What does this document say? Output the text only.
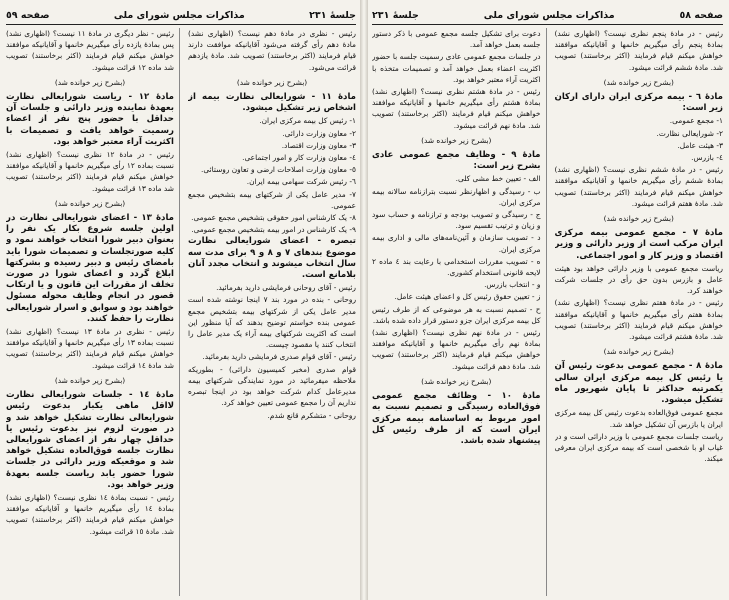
جلسهٔ ٢٣١
مذاکرات مجلس شورای ملی
صفحه ٥٩

رئیس - نظری در مادهٔ دهم نیست؟ (اظهاری نشد) مادهٔ دهم رأی گرفته می‌شود آقایانیکه موافقت دارند قیام فرمایند (اکثر برخاستند) تصویب شد. مادهٔ یازدهم قرائت می‌شود.

(بشرح زیر خوانده شد)

مادهٔ ١١ - شورایعالی نظارت بیمه از اشخاص زیر تشکیل میشود.

١- رئیس کل بیمه مرکزی ایران.

٢- معاون وزارت دارائی.

٣- معاون وزارت اقتصاد.

٤- معاون وزارت کار و امور اجتماعی.

٥- معاون وزارت اصلاحات ارضی و تعاون روستائی.

٦- رئیس شرکت سهامی بیمه ایران.

٧- مدیر عامل یکی از شرکتهای بیمه بتشخیص مجمع عمومی.

٨- یک کارشناس امور حقوقی بتشخیص مجمع عمومی.

٩- یک کارشناس در امور بیمه بتشخیص مجمع عمومی.

تبصره - اعضای شورایعالی نظارت موضوع بندهای ٧ و ٨ و ٩ برای مدت سه سال انتخاب میشوند و انتخاب مجدد آنان بلامانع است.

رئیس - آقای روحانی فرمایشی دارید بفرمائید.

روحانی - بنده در مورد بند ٧ اینجا نوشته شده است مدیر عامل یکی از شرکتهای بیمه بتشخیص مجمع عمومی بنده خواستم توضیح بدهند که آیا منظور این است که اکثریت شرکتهای بیمه آراء یک مدیر عامل را انتخاب کنند یا مقصود چیست.

رئیس - آقای قوام صدری فرمایشی دارید بفرمائید.

قوام صدری (مخبر کمیسیون دارائی) - بطوریکه ملاحظه میفرمائید در مورد نمایندگی شرکتهای بیمه مدیرعامل کدام شرکت خواهد بود در اینجا تبصره نداریم آن را مجمع عمومی تعیین خواهد کرد.

روحانی - متشکرم قانع شدم.

رئیس - نظر دیگری در مادهٔ ١١ نیست؟ (اظهاری نشد) پس بمادهٔ یازده رأی میگیریم خانمها و آقایانیکه موافقند خواهش میکنم قیام فرمایند (اکثر برخاستند) تصویب شد ماده ١٢ قرائت میشود.

(بشرح زیر خوانده شد)

مادهٔ ١٢ - ریاست شورایعالی نظارت بعهدهٔ نماینده وزیر دارائی و جلسات آن حداقل با حضور پنج نفر از اعضاء رسمیت خواهد یافت و تصمیمات با اکثریت آراء معتبر خواهد بود.

رئیس - در مادهٔ ١٢ نظری نیست؟ (اظهاری نشد) نسبت بماده ١٢ رأی میگیریم خانمها و آقایانیکه موافقند خواهش میکنم قیام فرمایند (اکثر برخاستند) تصویب شد ماده ١٣ قرائت میشود.

(بشرح زیر خوانده شد)

مادهٔ ١٣ - اعضای شورایعالی نظارت در اولین جلسه شروع بکار یک نفر را بعنوان دبیر شورا انتخاب خواهند نمود و کلیه صورتجلسات و تصمیمات شورا باید بامضای رئیس و دبیر رسیده و بشرکتها ابلاغ گردد و اعضای شورا در صورت تخلف از مقررات این قانون و یا ارتکاب قصور در انجام وظایف محوله مسئول خواهند بود و سوابق و اسرار شورایعالی نظارت را حفظ کنند.

رئیس - نظری در مادهٔ ١٣ نیست؟ (اظهاری نشد) نسبت بماده ١٣ رأی میگیریم خانمها و آقایانیکه موافقند خواهش میکنم قیام فرمایند (اکثر برخاستند) تصویب شد مادهٔ ١٤ قرائت میشود.

(بشرح زیر خوانده شد)

مادهٔ ١٤ - جلسات شورایعالی نظارت لااقل ماهی یکبار بدعوت رئیس شورایعالی نظارت تشکیل خواهد شد و در صورت لزوم نیز بدعوت رئیس یا حداقل چهار نفر از اعضای شورایعالی نظارت جلسه فوق‌العاده تشکیل خواهد شد و موقعیکه وزیر دارائی در جلسات شورا حضور یابد ریاست جلسه بعهدهٔ وزیر خواهد بود.

رئیس - نسبت بمادهٔ ١٤ نظری نیست؟ (اظهاری نشد) بمادهٔ ١٤ رأی میگیریم خانمها و آقایانیکه موافقند خواهش میکنم قیام فرمایند (اکثر برخاستند) تصویب شد. مادهٔ ١٥ قرائت میشود.

صفحه ٥٨
مذاکرات مجلس شورای ملی
جلسهٔ ٢٣١

رئیس - در مادهٔ پنجم نظری نیست؟ (اظهاری نشد) بمادهٔ پنجم رأی میگیریم خانمها و آقایانیکه موافقند خواهش میکنم قیام فرمایند (اکثر برخاستند) تصویب شد. مادهٔ ششم قرائت میشود.

(بشرح زیر خوانده شد)

مادهٔ ٦ - بیمه مرکزی ایران دارای ارکان زیر است:

١- مجمع عمومی.

٢- شورایعالی نظارت.

٣- هیئت عامل.

٤- بازرس.

رئیس - در مادهٔ ششم نظری نیست؟ (اظهاری نشد) بمادهٔ ششم رأی میگیریم خانمها و آقایانیکه موافقند خواهش میکنم قیام فرمایند (اکثر برخاستند) تصویب شد. مادهٔ هفتم قرائت میشود.

(بشرح زیر خوانده شد)

مادهٔ ٧ - مجمع عمومی بیمه مرکزی ایران مرکب است از وزیر دارائی و وزیر اقتصاد و وزیر کار و امور اجتماعی.

ریاست مجمع عمومی با وزیر دارائی خواهد بود هیئت عامل و بازرس بدون حق رأی در جلسات شرکت خواهند کرد.

رئیس - در مادهٔ هفتم نظری نیست؟ (اظهاری نشد) بمادهٔ هفتم رأی میگیریم خانمها و آقایانیکه موافقند خواهش میکنم قیام فرمایند (اکثر برخاستند) تصویب شد. مادهٔ هشتم قرائت میشود.

(بشرح زیر خوانده شد)

مادهٔ ٨ - مجمع عمومی بدعوت رئیس آن یا رئیس کل بیمه مرکزی ایران سالی یکمرتبه حداکثر تا پایان شهریور ماه تشکیل میشود.

مجمع عمومی فوق‌العاده بدعوت رئیس کل بیمه مرکزی ایران یا بازرس آن تشکیل خواهد شد.

ریاست جلسات مجمع عمومی با وزیر دارائی است و در غیاب او با شخصی است که بیمه مرکزی ایران معرفی میکند.

دعوت برای تشکیل جلسه مجمع عمومی با ذکر دستور جلسه بعمل خواهد آمد.

در جلسات مجمع عمومی عادی رسمیت جلسه با حضور اکثریت اعضاء بعمل خواهد آمد و تصمیمات متخذه با اکثریت آراء معتبر خواهد بود.

رئیس - در مادهٔ هشتم نظری نیست؟ (اظهاری نشد) بمادهٔ هشتم رأی میگیریم خانمها و آقایانیکه موافقند خواهش میکنم قیام فرمایند (اکثر برخاستند) تصویب شد. مادهٔ نهم قرائت میشود.

(بشرح زیر خوانده شد)

مادهٔ ٩ - وظایف مجمع عمومی عادی بشرح زیر است:

الف - تعیین خط مشی کلی.

ب - رسیدگی و اظهارنظر نسبت بترازنامه سالانه بیمه مرکزی ایران.

ج - رسیدگی و تصویب بودجه و ترازنامه و حساب سود و زیان و ترتیب تقسیم سود.

د - تصویب سازمان و آئین‌نامه‌های مالی و اداری بیمه مرکزی ایران.

ه - تصویب مقررات استخدامی با رعایت بند ٤ ماده ٢ لایحه قانونی استخدام کشوری.

و - انتخاب بازرس.

ز - تعیین حقوق رئیس کل و اعضای هیئت عامل.

ح - تصمیم نسبت به هر موضوعی که از طرف رئیس کل بیمه مرکزی ایران جزو دستور قرار داده شده باشد.

رئیس - در مادهٔ نهم نظری نیست؟ (اظهاری نشد) بمادهٔ نهم رأی میگیریم خانمها و آقایانیکه موافقند خواهش میکنم قیام فرمایند (اکثر برخاستند) تصویب شد. مادهٔ دهم قرائت میشود.

(بشرح زیر خوانده شد)

مادهٔ ١٠ - وظائف مجمع عمومی فوق‌العاده رسیدگی و تصمیم نسبت به امور مربوط به اساسنامه بیمه مرکزی ایران است که از طرف رئیس کل پیشنهاد شده باشد.
